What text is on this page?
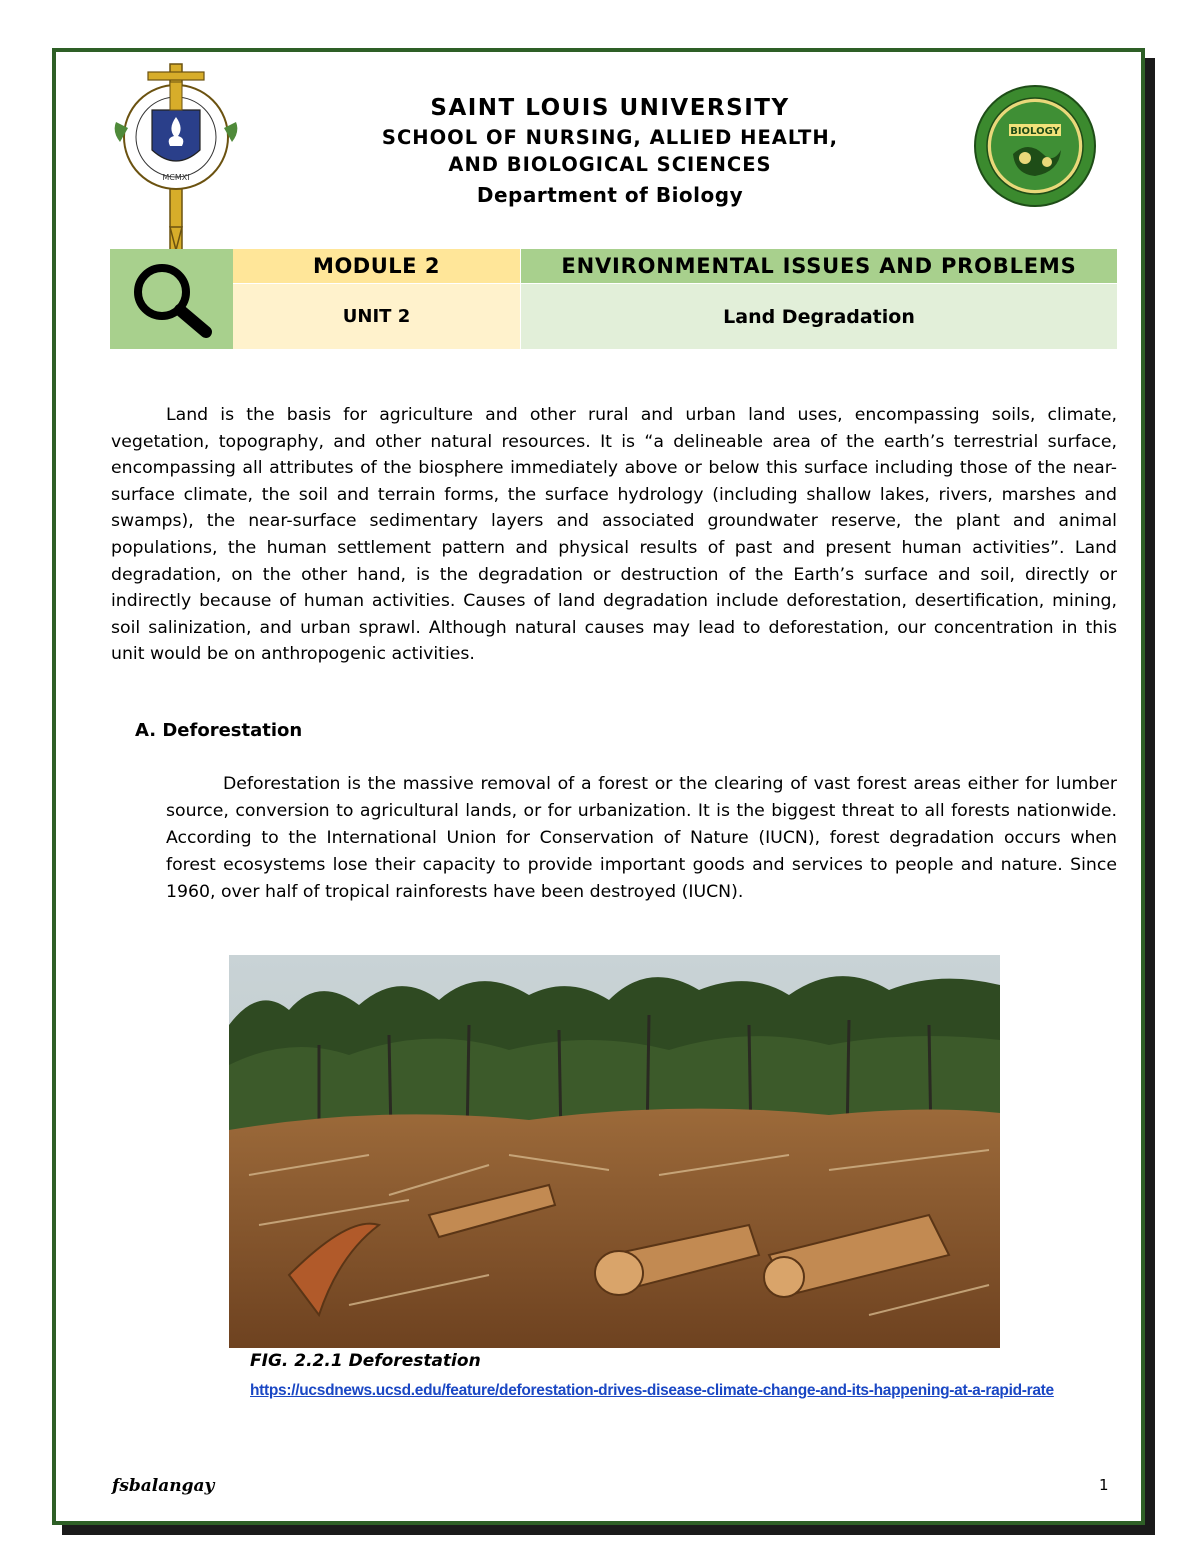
MCMXI
BIOLOGY
SAINT LOUIS UNIVERSITY
SCHOOL OF NURSING, ALLIED HEALTH,
AND BIOLOGICAL SCIENCES
Department of Biology
MODULE 2	ENVIRONMENTAL ISSUES AND PROBLEMS
UNIT 2	Land Degradation

Land is the basis for agriculture and other rural and urban land uses, encompassing soils, climate, vegetation, topography, and other natural resources. It is “a delineable area of the earth’s terrestrial surface, encompassing all attributes of the biosphere immediately above or below this surface including those of the near-surface climate, the soil and terrain forms, the surface hydrology (including shallow lakes, rivers, marshes and swamps), the near-surface sedimentary layers and associated groundwater reserve, the plant and animal populations, the human settlement pattern and physical results of past and present human activities”. Land degradation, on the other hand, is the degradation or destruction of the Earth’s surface and soil, directly or indirectly because of human activities. Causes of land degradation include deforestation, desertification, mining, soil salinization, and urban sprawl. Although natural causes may lead to deforestation, our concentration in this unit would be on anthropogenic activities.

A. Deforestation

Deforestation is the massive removal of a forest or the clearing of vast forest areas either for lumber source, conversion to agricultural lands, or for urbanization. It is the biggest threat to all forests nationwide. According to the International Union for Conservation of Nature (IUCN), forest degradation occurs when forest ecosystems lose their capacity to provide important goods and services to people and nature. Since 1960, over half of tropical rainforests have been destroyed (IUCN).

FIG. 2.2.1 Deforestation
https://ucsdnews.ucsd.edu/feature/deforestation-drives-disease-climate-change-and-its-happening-at-a-rapid-rate
fsbalangay	1
